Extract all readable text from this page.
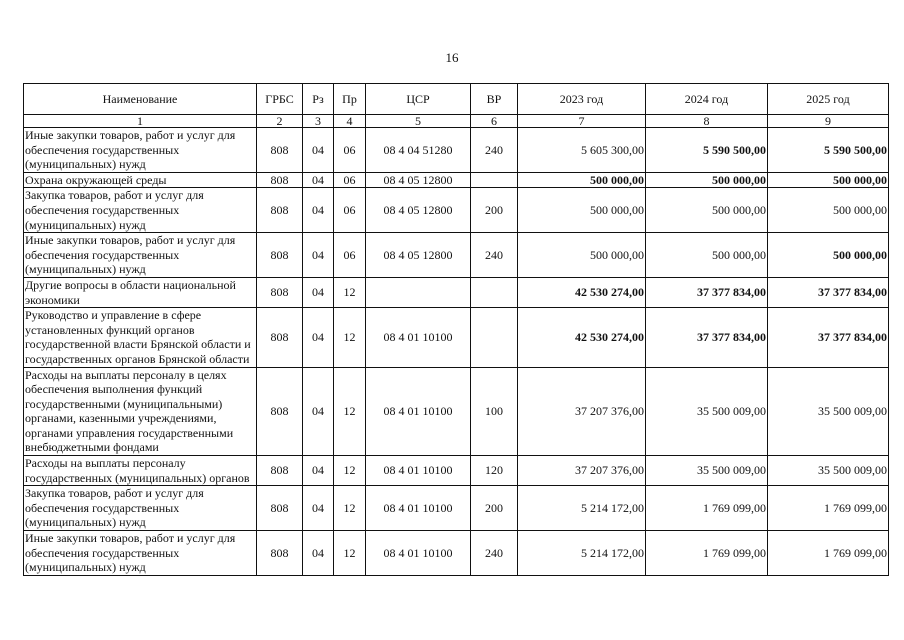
16
Наименование	ГРБС	Рз	Пр	ЦСР	ВР	2023 год	2024 год	2025 год
1	2	3	4	5	6	7	8	9
Иные закупки товаров, работ и услуг для обеспечения государственных (муниципальных) нужд	808	04	06	08 4 04 51280	240	5 605 300,00	5 590 500,00	5 590 500,00
Охрана окружающей среды	808	04	06	08 4 05 12800		500 000,00	500 000,00	500 000,00
Закупка товаров, работ и услуг для обеспечения государственных (муниципальных) нужд	808	04	06	08 4 05 12800	200	500 000,00	500 000,00	500 000,00
Иные закупки товаров, работ и услуг для обеспечения государственных (муниципальных) нужд	808	04	06	08 4 05 12800	240	500 000,00	500 000,00	500 000,00
Другие вопросы в области национальной экономики	808	04	12			42 530 274,00	37 377 834,00	37 377 834,00
Руководство и управление в сфере установленных функций органов государственной власти Брянской области и государственных органов Брянской области	808	04	12	08 4 01 10100		42 530 274,00	37 377 834,00	37 377 834,00
Расходы на выплаты персоналу в целях обеспечения выполнения функций государственными (муниципальными) органами, казенными учреждениями, органами управления государственными внебюджетными фондами	808	04	12	08 4 01 10100	100	37 207 376,00	35 500 009,00	35 500 009,00
Расходы на выплаты персоналу государственных (муниципальных) органов	808	04	12	08 4 01 10100	120	37 207 376,00	35 500 009,00	35 500 009,00
Закупка товаров, работ и услуг для обеспечения государственных (муниципальных) нужд	808	04	12	08 4 01 10100	200	5 214 172,00	1 769 099,00	1 769 099,00
Иные закупки товаров, работ и услуг для обеспечения государственных (муниципальных) нужд	808	04	12	08 4 01 10100	240	5 214 172,00	1 769 099,00	1 769 099,00
